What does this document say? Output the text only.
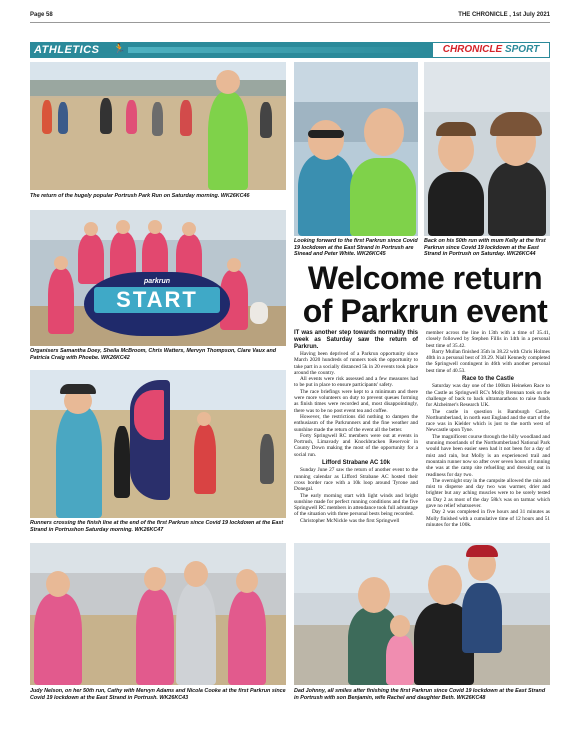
Page 58	THE CHRONICLE , 1st July 2021
ATHLETICS 🏃	CHRONICLE SPORT
The return of the hugely popular Portrush Park Run on Saturday morning. WK26KC46
Looking forward to the first Parkrun since Covid 19 lockdown at the East Strand in Portrush are Sinead and Peter White. WK26KC45
Back on his 50th run with mum Kelly at the first Parkrun since Covid 19 lockdown at the East Strand in Portrush on Saturday. WK26KC44
parkrun
START
Organisers Samantha Doey, Sheila McBroom, Chris Watters, Mervyn Thompson, Clare Vaux and Patricia Craig with Phoebe. WK26KC42
Runners crossing the finish line at the end of the first Parkrun since Covid 19 lockdown at the East Strand in Portrushon Saturday morning. WK26KC47
Judy Nelson, on her 50th run, Cathy with Mervyn Adams and Nicola Cooke at the first Parkrun since Covid 19 lockdown at the East Strand in Portrush. WK26KC43
Dad Johnny, all smiles after finishing the first Parkrun since Covid 19 lockdown at the East Strand in Portrush with son Benjamin, wife Rachel and daughter Beth. WK26KC48
Welcome return
of Parkrun event

IT was another step towards normality this week as Saturday saw the return of Parkrun.

Having been deprived of a Parkrun opportunity since March 2020 hundreds of runners took the opportunity to take part in a socially distanced 5k in 20 events took place around the country.

All events were risk assessed and a few measures had to be put in place to ensure participants' safety.

The race briefings were kept to a minimum and there were more volunteers on duty to prevent queues forming as finish times were recorded and, most disappointingly, there was to be no post event tea and coffee.

However, the restrictions did nothing to dampen the enthusiasm of the Parkrunners and the fine weather and sunshine made the return of the event all the better.

Forty Springwell RC members were out at events in Portrush, Limavady and Knockbracken Reservoir in County Down making the most of the opportunity for a social run.

Lifford Strabane AC 10k

Sunday June 27 saw the return of another event to the running calendar as Lifford Strabane AC hosted their cross border race with a 10k loop around Tyrone and Donegal.

The early morning start with light winds and bright sunshine made for perfect running conditions and the five Springwell RC members in attendance took full advantage of the situation with three personal bests being recorded.

Christopher McNickle was the first Springwell

member across the line in 13th with a time of 35.41, closely followed by Stephen Fillis in 14th in a personal best time of 35.42.

Barry Mullan finished 35th in 38.22 with Chris Holmes 40th in a personal best of 39.29. Niall Kennedy completed the Springwell contingent in 46th with another personal best time of 40.53.

Race to the Castle

Saturday was day one of the 100km Heineken Race to the Castle as Springwell RC's Molly Brennan took on the challenge of back to back ultramarathons to raise funds for Alzheimer's Research UK.

The castle in question is Bamburgh Castle, Northumberland, in north east England and the start of the race was in Kielder which is just to the north west of Newcastle upon Tyne.

The magnificent course through the hilly woodland and stunning moorlands of the Northumberland National Park would have been easier seen had it not been for a day of mist and rain, but Molly is an experienced trail and mountain runner now so after over seven hours of running she was at the camp site refuelling and dressing out in readiness for day two.

The overnight stay in the campsite allowed the rain and mist to disperse and day two was warmer, drier and brighter but any aching muscles were to be sorely tested on Day 2 as most of the day 58k's was on tarmac which gave no relief whatsoever.

Day 2 was completed in five hours and 31 minutes as Molly finished with a cumulative time of 12 hours and 51 minutes for the 100k.
